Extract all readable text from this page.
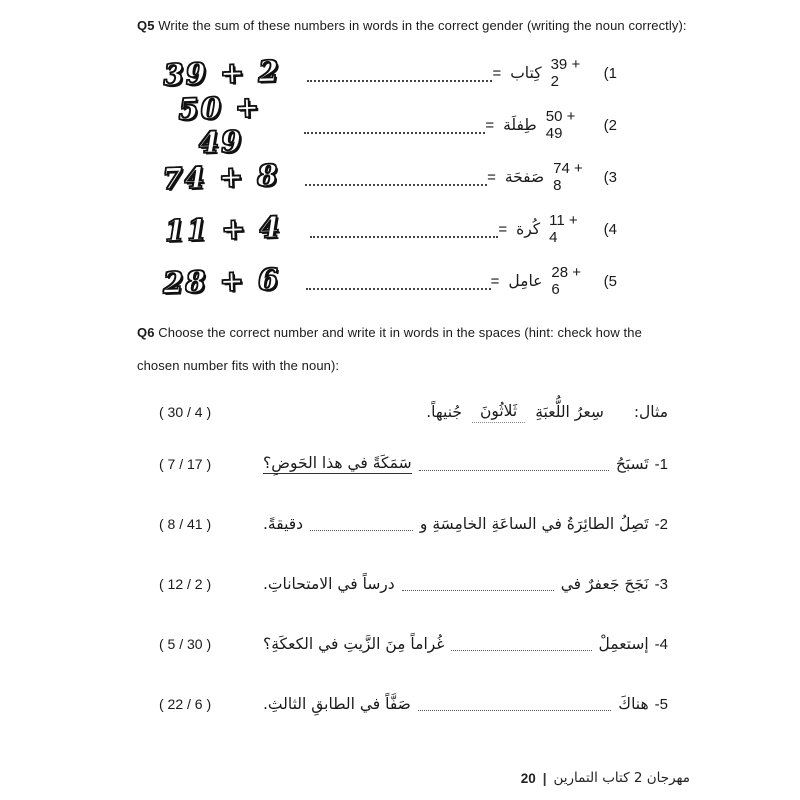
Q5 Write the sum of these numbers in words in the correct gender (writing the noun correctly):
39 + 2	= كِتاب 39 + 2	(1
50 + 49	= طِفلَة 50 + 49	(2
74 + 8	= صَفحَة 74 + 8	(3
11 + 4	= كُرة 11 + 4	(4
28 + 6	= عامِل 28 + 6	(5
Q6 Choose the correct number and write it in words in the spaces (hint: check how the
chosen number fits with the noun):
( 30 / 4 )	جُنيهاً.	ثَلاثُونَ	سِعرُ اللُّعبَةِ مثال:
( 7 / 17 )	سَمَكَةً في هذا الحَوضِ؟	تَسبَحُ -1
( 8 / 41 )	دقيقةً.	تَصِلُ الطائِرَةُ في الساعَةِ الخامِسَةِ و -2
( 12 / 2 )	درساً في الامتحاناتِ.	نَجَحَ جَعفرٌ في -3
( 5 / 30 )	غُراماً مِنَ الزَّيتِ في الكعكَةِ؟	إستعمِلْ -4
( 22 / 6 )	صَفَّاً في الطابقِ الثالثِ.	هناكَ -5
20 | مهرجان 2 كتاب التمارين
